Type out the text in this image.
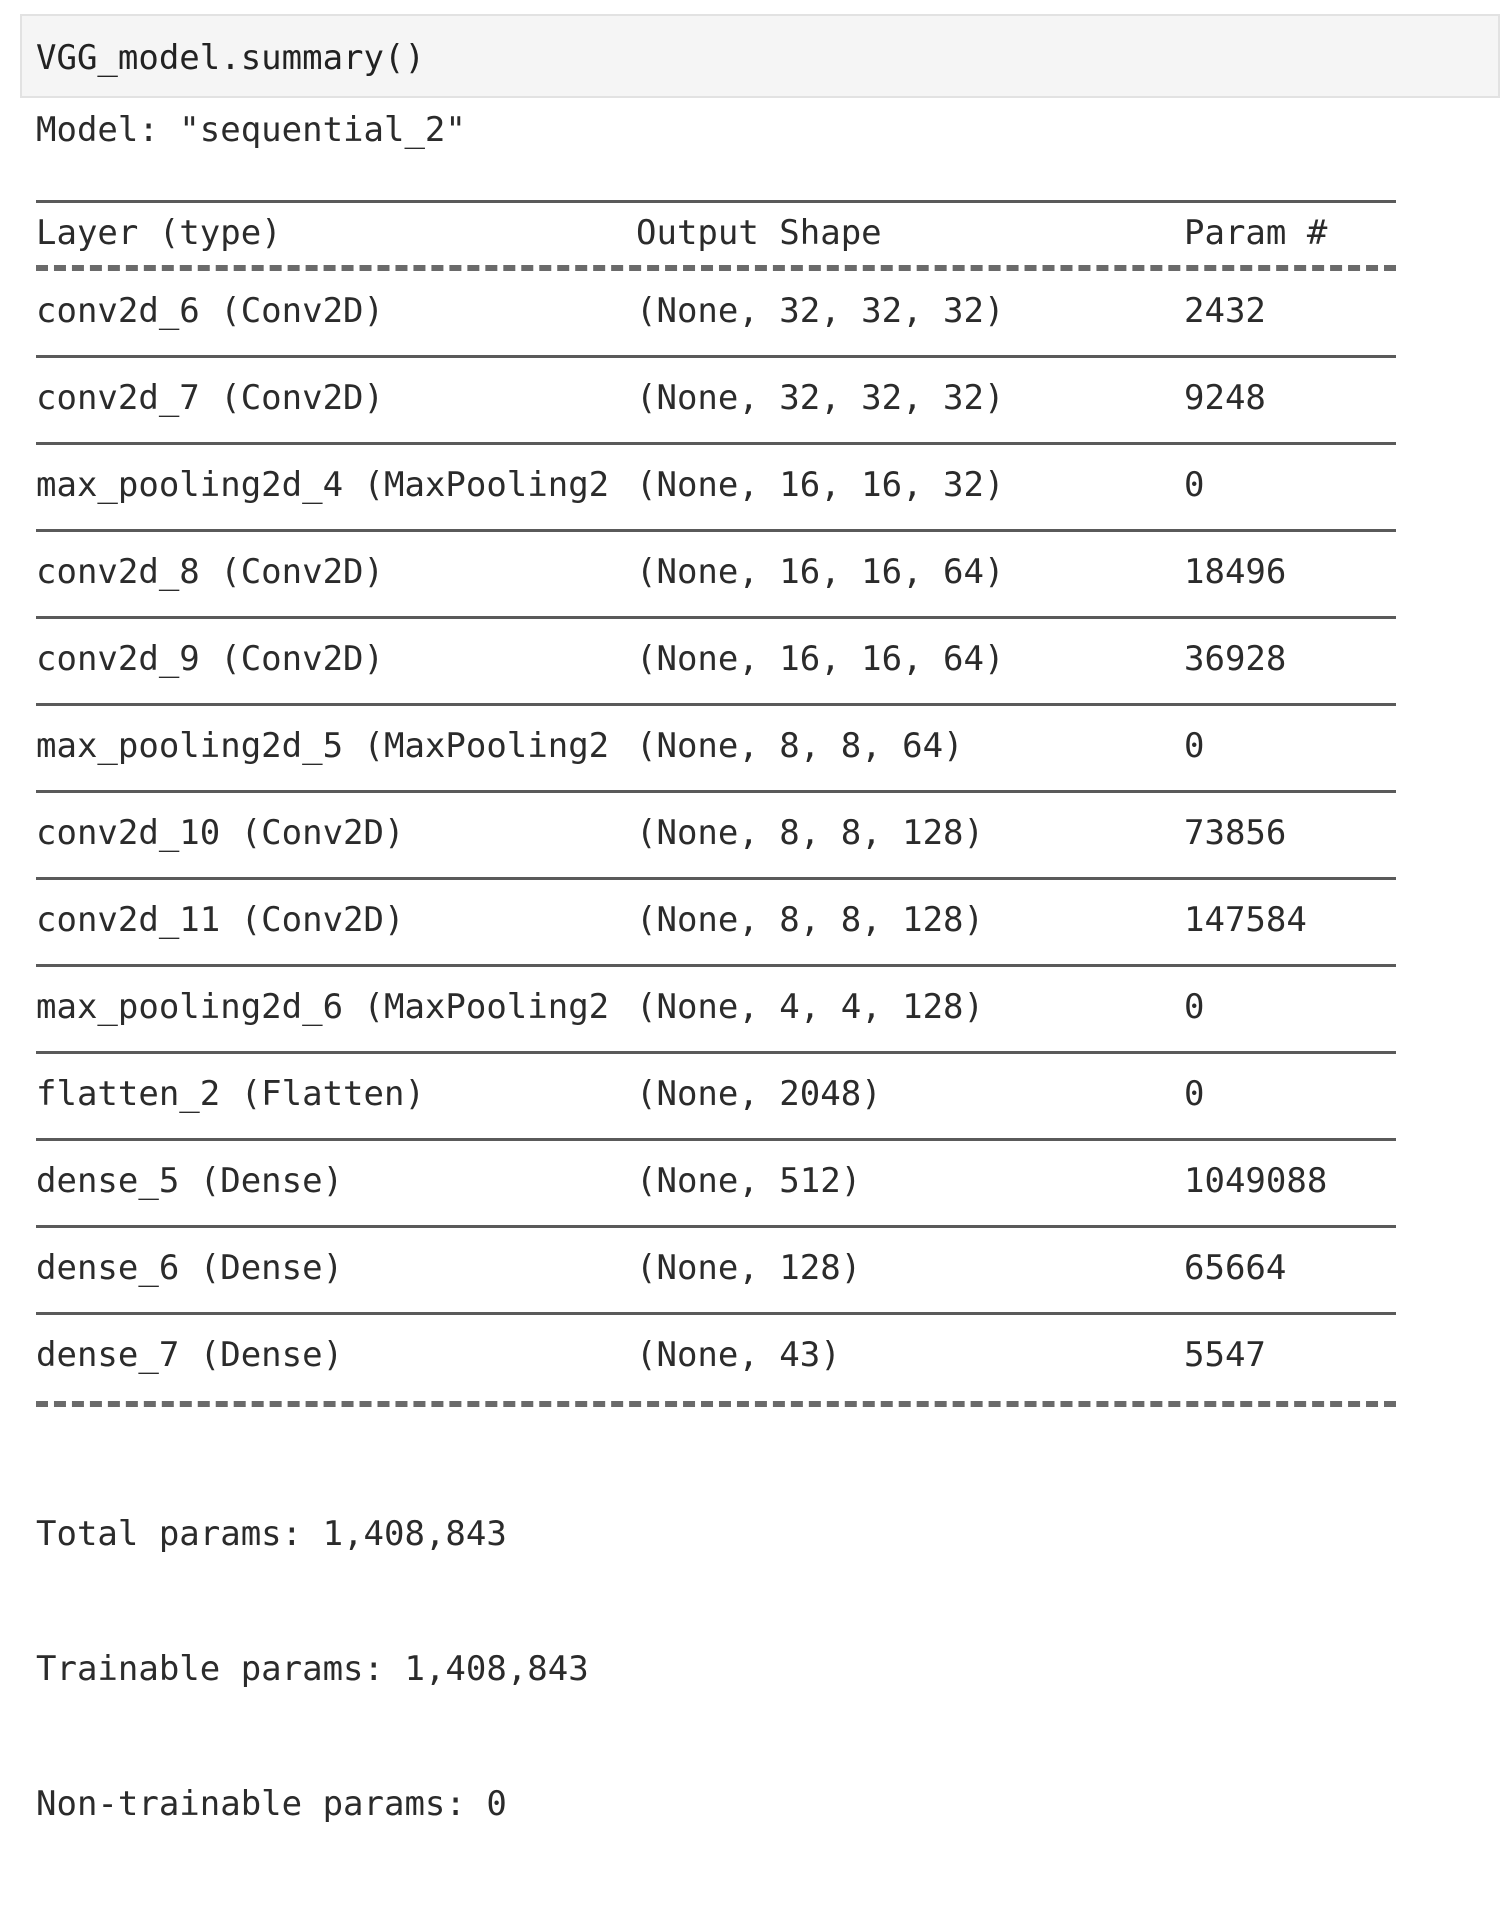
VGG_model.summary()
Model: "sequential_2"
Layer (type)	Output Shape	Param #
conv2d_6 (Conv2D)	(None, 32, 32, 32)	2432
conv2d_7 (Conv2D)	(None, 32, 32, 32)	9248
max_pooling2d_4 (MaxPooling2 (None, 16, 16, 32)	0
conv2d_8 (Conv2D)	(None, 16, 16, 64)	18496
conv2d_9 (Conv2D)	(None, 16, 16, 64)	36928
max_pooling2d_5 (MaxPooling2 (None, 8, 8, 64)	0
conv2d_10 (Conv2D)	(None, 8, 8, 128)	73856
conv2d_11 (Conv2D)	(None, 8, 8, 128)	147584
max_pooling2d_6 (MaxPooling2 (None, 4, 4, 128)	0
flatten_2 (Flatten)	(None, 2048)	0
dense_5 (Dense)	(None, 512)	1049088
dense_6 (Dense)	(None, 128)	65664
dense_7 (Dense)	(None, 43)	5547

Total params: 1,408,843

Trainable params: 1,408,843

Non-trainable params: 0
